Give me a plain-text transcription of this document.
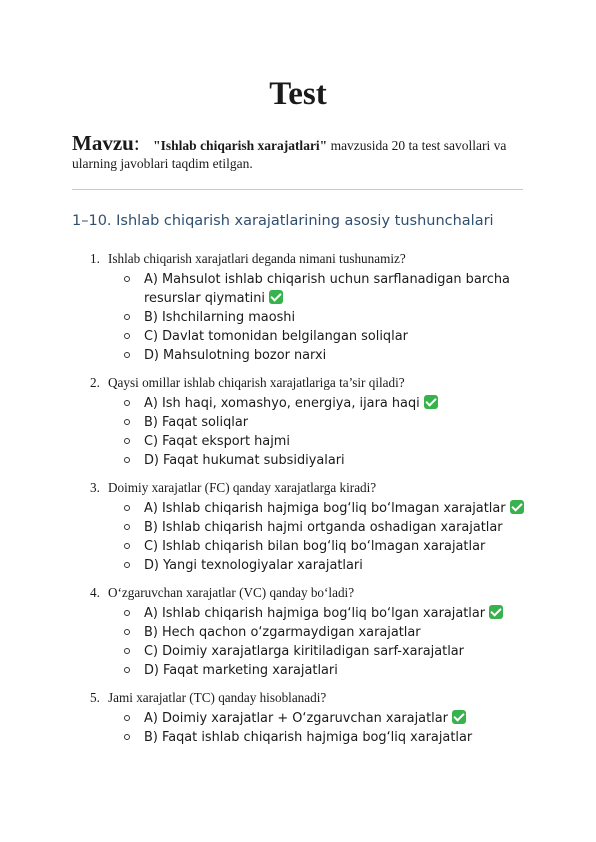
Test
Mavzu: "Ishlab chiqarish xarajatlari" mavzusida 20 ta test savollari va ularning javoblari taqdim etilgan.
1–10. Ishlab chiqarish xarajatlarining asosiy tushunchalari
1. Ishlab chiqarish xarajatlari deganda nimani tushunamiz?
A) Mahsulot ishlab chiqarish uchun sarflanadigan barcha resurslar qiymatini
B) Ishchilarning maoshi
C) Davlat tomonidan belgilangan soliqlar
D) Mahsulotning bozor narxi
2. Qaysi omillar ishlab chiqarish xarajatlariga ta’sir qiladi?
A) Ish haqi, xomashyo, energiya, ijara haqi
B) Faqat soliqlar
C) Faqat eksport hajmi
D) Faqat hukumat subsidiyalari
3. Doimiy xarajatlar (FC) qanday xarajatlarga kiradi?
A) Ishlab chiqarish hajmiga bog‘liq bo‘lmagan xarajatlar
B) Ishlab chiqarish hajmi ortganda oshadigan xarajatlar
C) Ishlab chiqarish bilan bog‘liq bo‘lmagan xarajatlar
D) Yangi texnologiyalar xarajatlari
4. O‘zgaruvchan xarajatlar (VC) qanday bo‘ladi?
A) Ishlab chiqarish hajmiga bog‘liq bo‘lgan xarajatlar
B) Hech qachon o‘zgarmaydigan xarajatlar
C) Doimiy xarajatlarga kiritiladigan sarf-xarajatlar
D) Faqat marketing xarajatlari
5. Jami xarajatlar (TC) qanday hisoblanadi?
A) Doimiy xarajatlar + O‘zgaruvchan xarajatlar
B) Faqat ishlab chiqarish hajmiga bog‘liq xarajatlar
